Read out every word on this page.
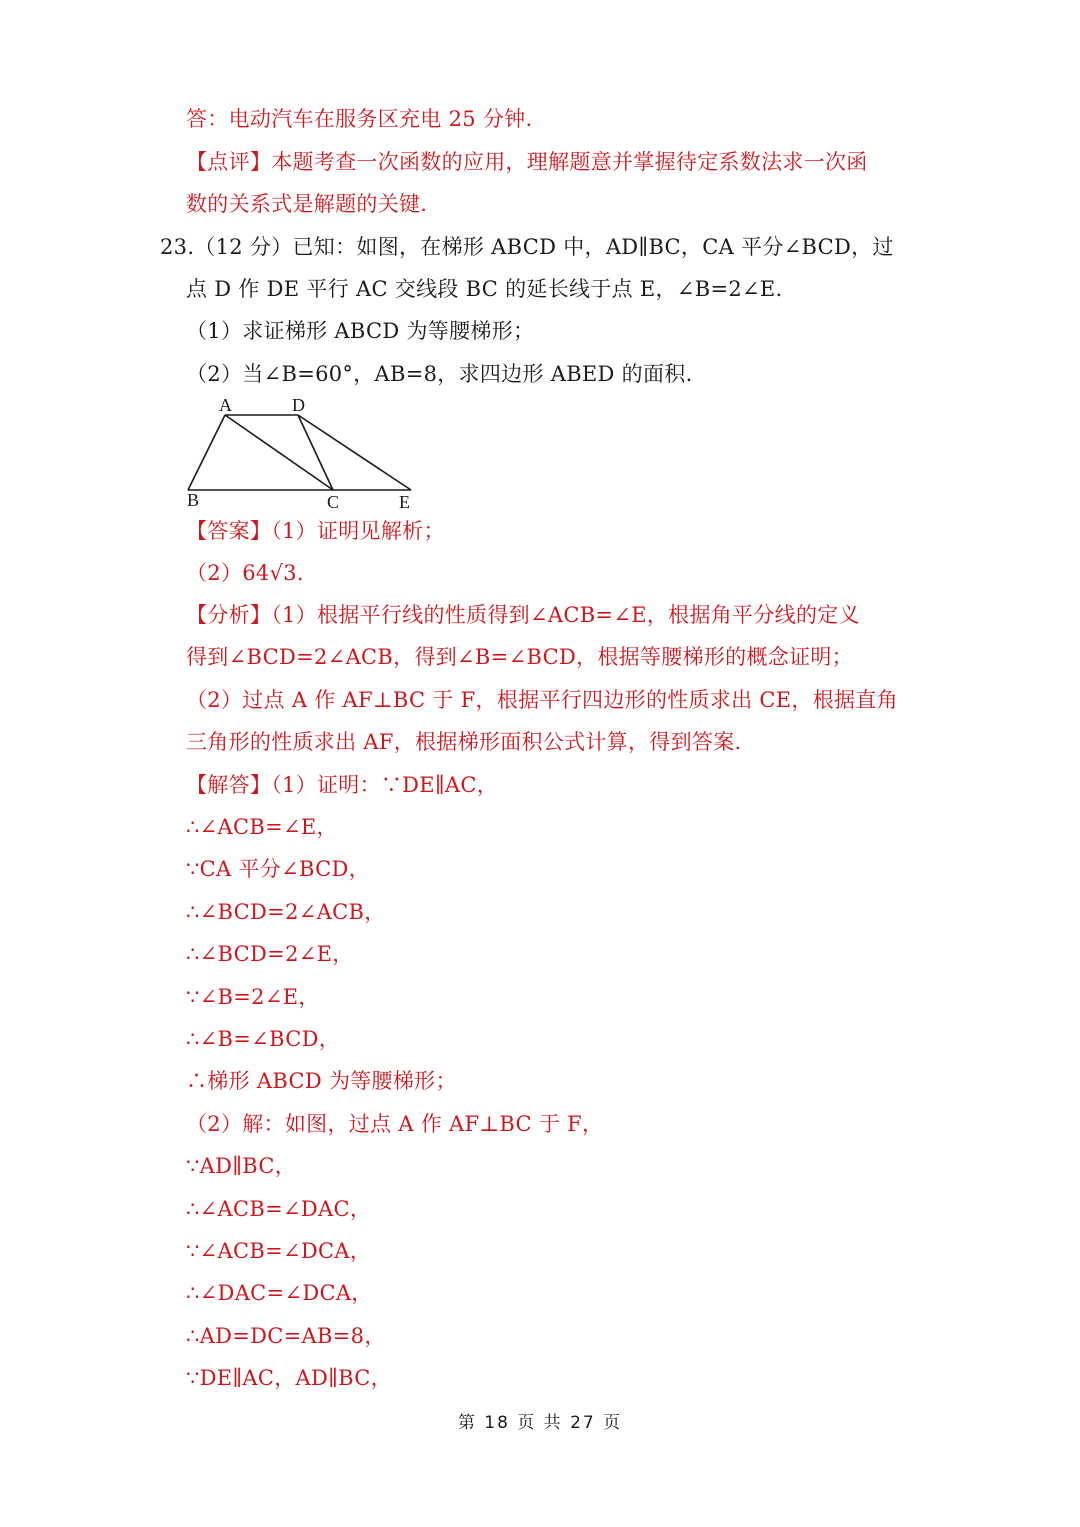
答：电动汽车在服务区充电 25 分钟.
【点评】本题考查一次函数的应用，理解题意并掌握待定系数法求一次函
数的关系式是解题的关键.
23.（12 分）已知：如图，在梯形 ABCD 中，AD∥BC，CA 平分∠BCD，过
点 D 作 DE 平行 AC 交线段 BC 的延长线于点 E，∠B=2∠E.
（1）求证梯形 ABCD 为等腰梯形；
（2）当∠B=60°，AB=8，求四边形 ABED 的面积.
A	D
B	C	E
【答案】（1）证明见解析；
（2）64√3.
【分析】（1）根据平行线的性质得到∠ACB=∠E，根据角平分线的定义
得到∠BCD=2∠ACB，得到∠B=∠BCD，根据等腰梯形的概念证明；
（2）过点 A 作 AF⊥BC 于 F，根据平行四边形的性质求出 CE，根据直角
三角形的性质求出 AF，根据梯形面积公式计算，得到答案.
【解答】（1）证明：∵DE∥AC，
∴∠ACB=∠E，
∵CA 平分∠BCD，
∴∠BCD=2∠ACB，
∴∠BCD=2∠E，
∵∠B=2∠E，
∴∠B=∠BCD，
∴梯形 ABCD 为等腰梯形；
（2）解：如图，过点 A 作 AF⊥BC 于 F，
∵AD∥BC，
∴∠ACB=∠DAC，
∵∠ACB=∠DCA，
∴∠DAC=∠DCA，
∴AD=DC=AB=8，
∵DE∥AC，AD∥BC，
第 18 页 共 27 页
